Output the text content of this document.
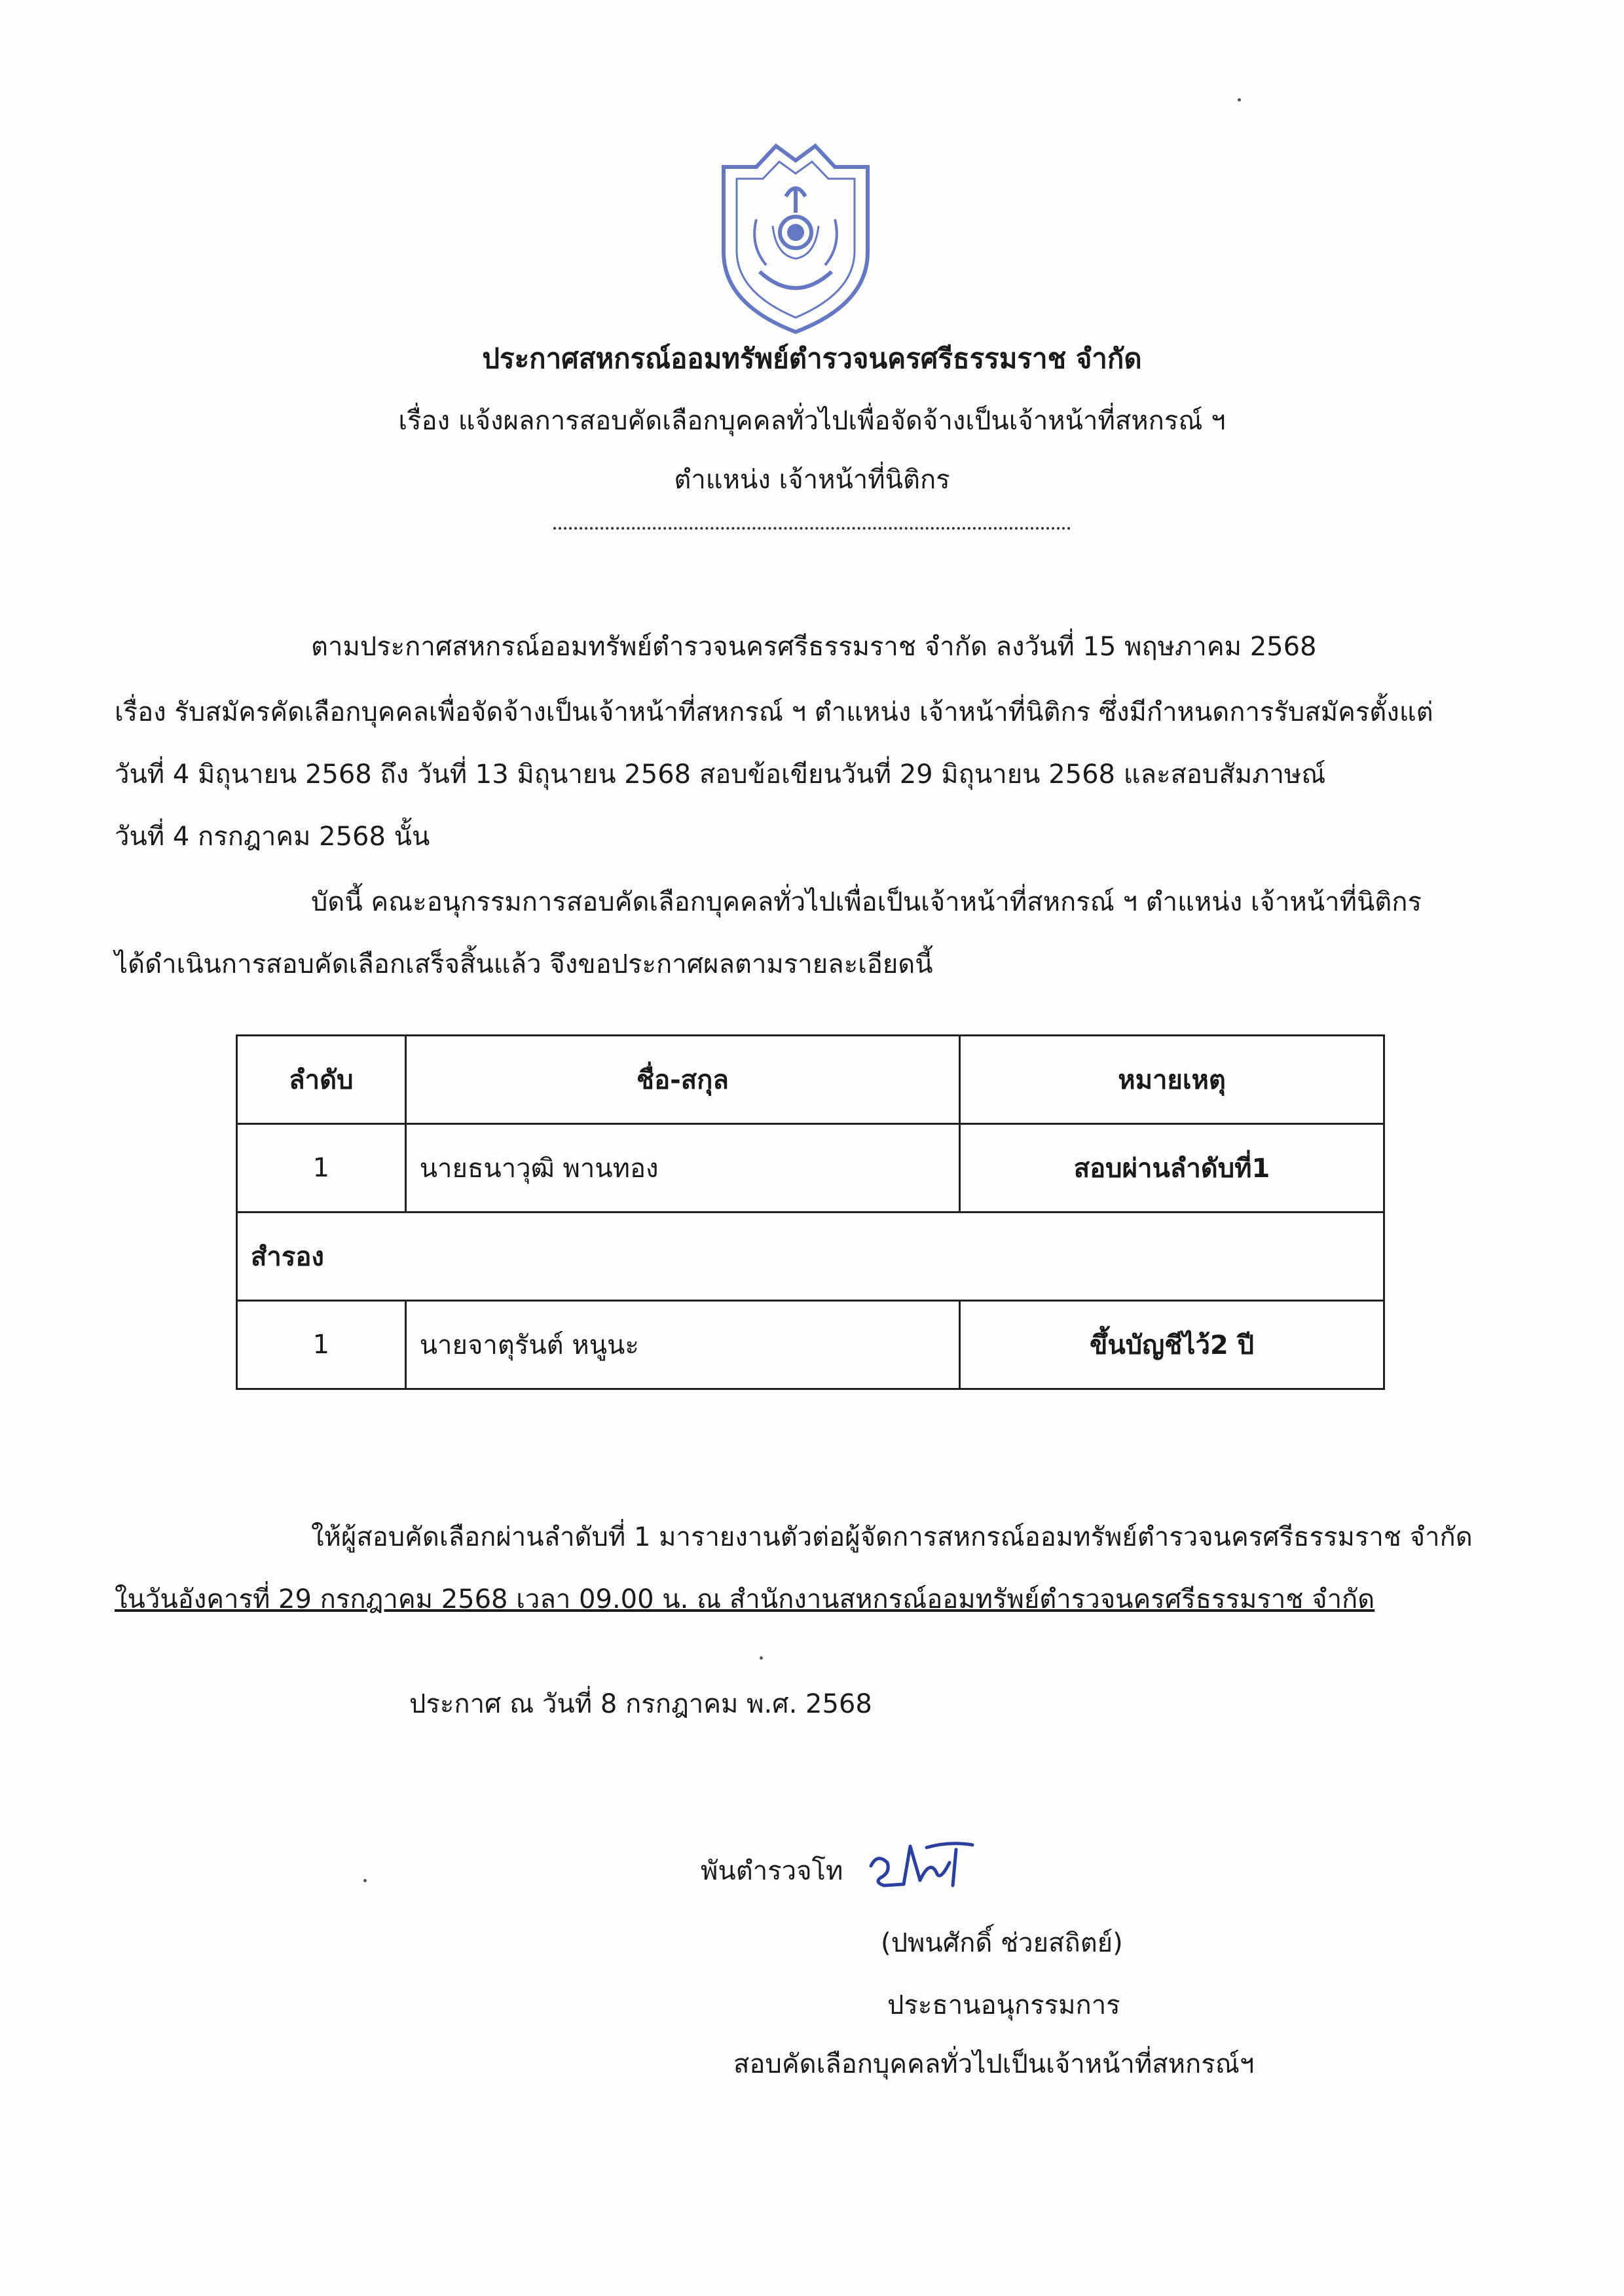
ประกาศสหกรณ์ออมทรัพย์ตำรวจนครศรีธรรมราช จำกัด
เรื่อง แจ้งผลการสอบคัดเลือกบุคคลทั่วไปเพื่อจัดจ้างเป็นเจ้าหน้าที่สหกรณ์ ฯ
ตำแหน่ง เจ้าหน้าที่นิติกร
ตามประกาศสหกรณ์ออมทรัพย์ตำรวจนครศรีธรรมราช จำกัด ลงวันที่ 15 พฤษภาคม 2568
เรื่อง รับสมัครคัดเลือกบุคคลเพื่อจัดจ้างเป็นเจ้าหน้าที่สหกรณ์ ฯ ตำแหน่ง เจ้าหน้าที่นิติกร ซึ่งมีกำหนดการรับสมัครตั้งแต่
วันที่ 4 มิถุนายน 2568 ถึง วันที่ 13 มิถุนายน 2568 สอบข้อเขียนวันที่ 29 มิถุนายน 2568 และสอบสัมภาษณ์
วันที่ 4 กรกฎาคม 2568 นั้น
บัดนี้ คณะอนุกรรมการสอบคัดเลือกบุคคลทั่วไปเพื่อเป็นเจ้าหน้าที่สหกรณ์ ฯ ตำแหน่ง เจ้าหน้าที่นิติกร
ได้ดำเนินการสอบคัดเลือกเสร็จสิ้นแล้ว จึงขอประกาศผลตามรายละเอียดนี้
ลำดับ	ชื่อ-สกุล	หมายเหตุ
1	นายธนาวุฒิ พานทอง	สอบผ่านลำดับที่1
สำรอง		
1	นายจาตุรันต์ หนูนะ	ขึ้นบัญชีไว้2 ปี
ให้ผู้สอบคัดเลือกผ่านลำดับที่ 1 มารายงานตัวต่อผู้จัดการสหกรณ์ออมทรัพย์ตำรวจนครศรีธรรมราช จำกัด
ในวันอังคารที่ 29 กรกฎาคม 2568 เวลา 09.00 น. ณ สำนักงานสหกรณ์ออมทรัพย์ตำรวจนครศรีธรรมราช จำกัด
ประกาศ ณ วันที่ 8 กรกฎาคม พ.ศ. 2568
พันตำรวจโท
(ปพนศักดิ์ ช่วยสถิตย์)
ประธานอนุกรรมการ
สอบคัดเลือกบุคคลทั่วไปเป็นเจ้าหน้าที่สหกรณ์ฯ
